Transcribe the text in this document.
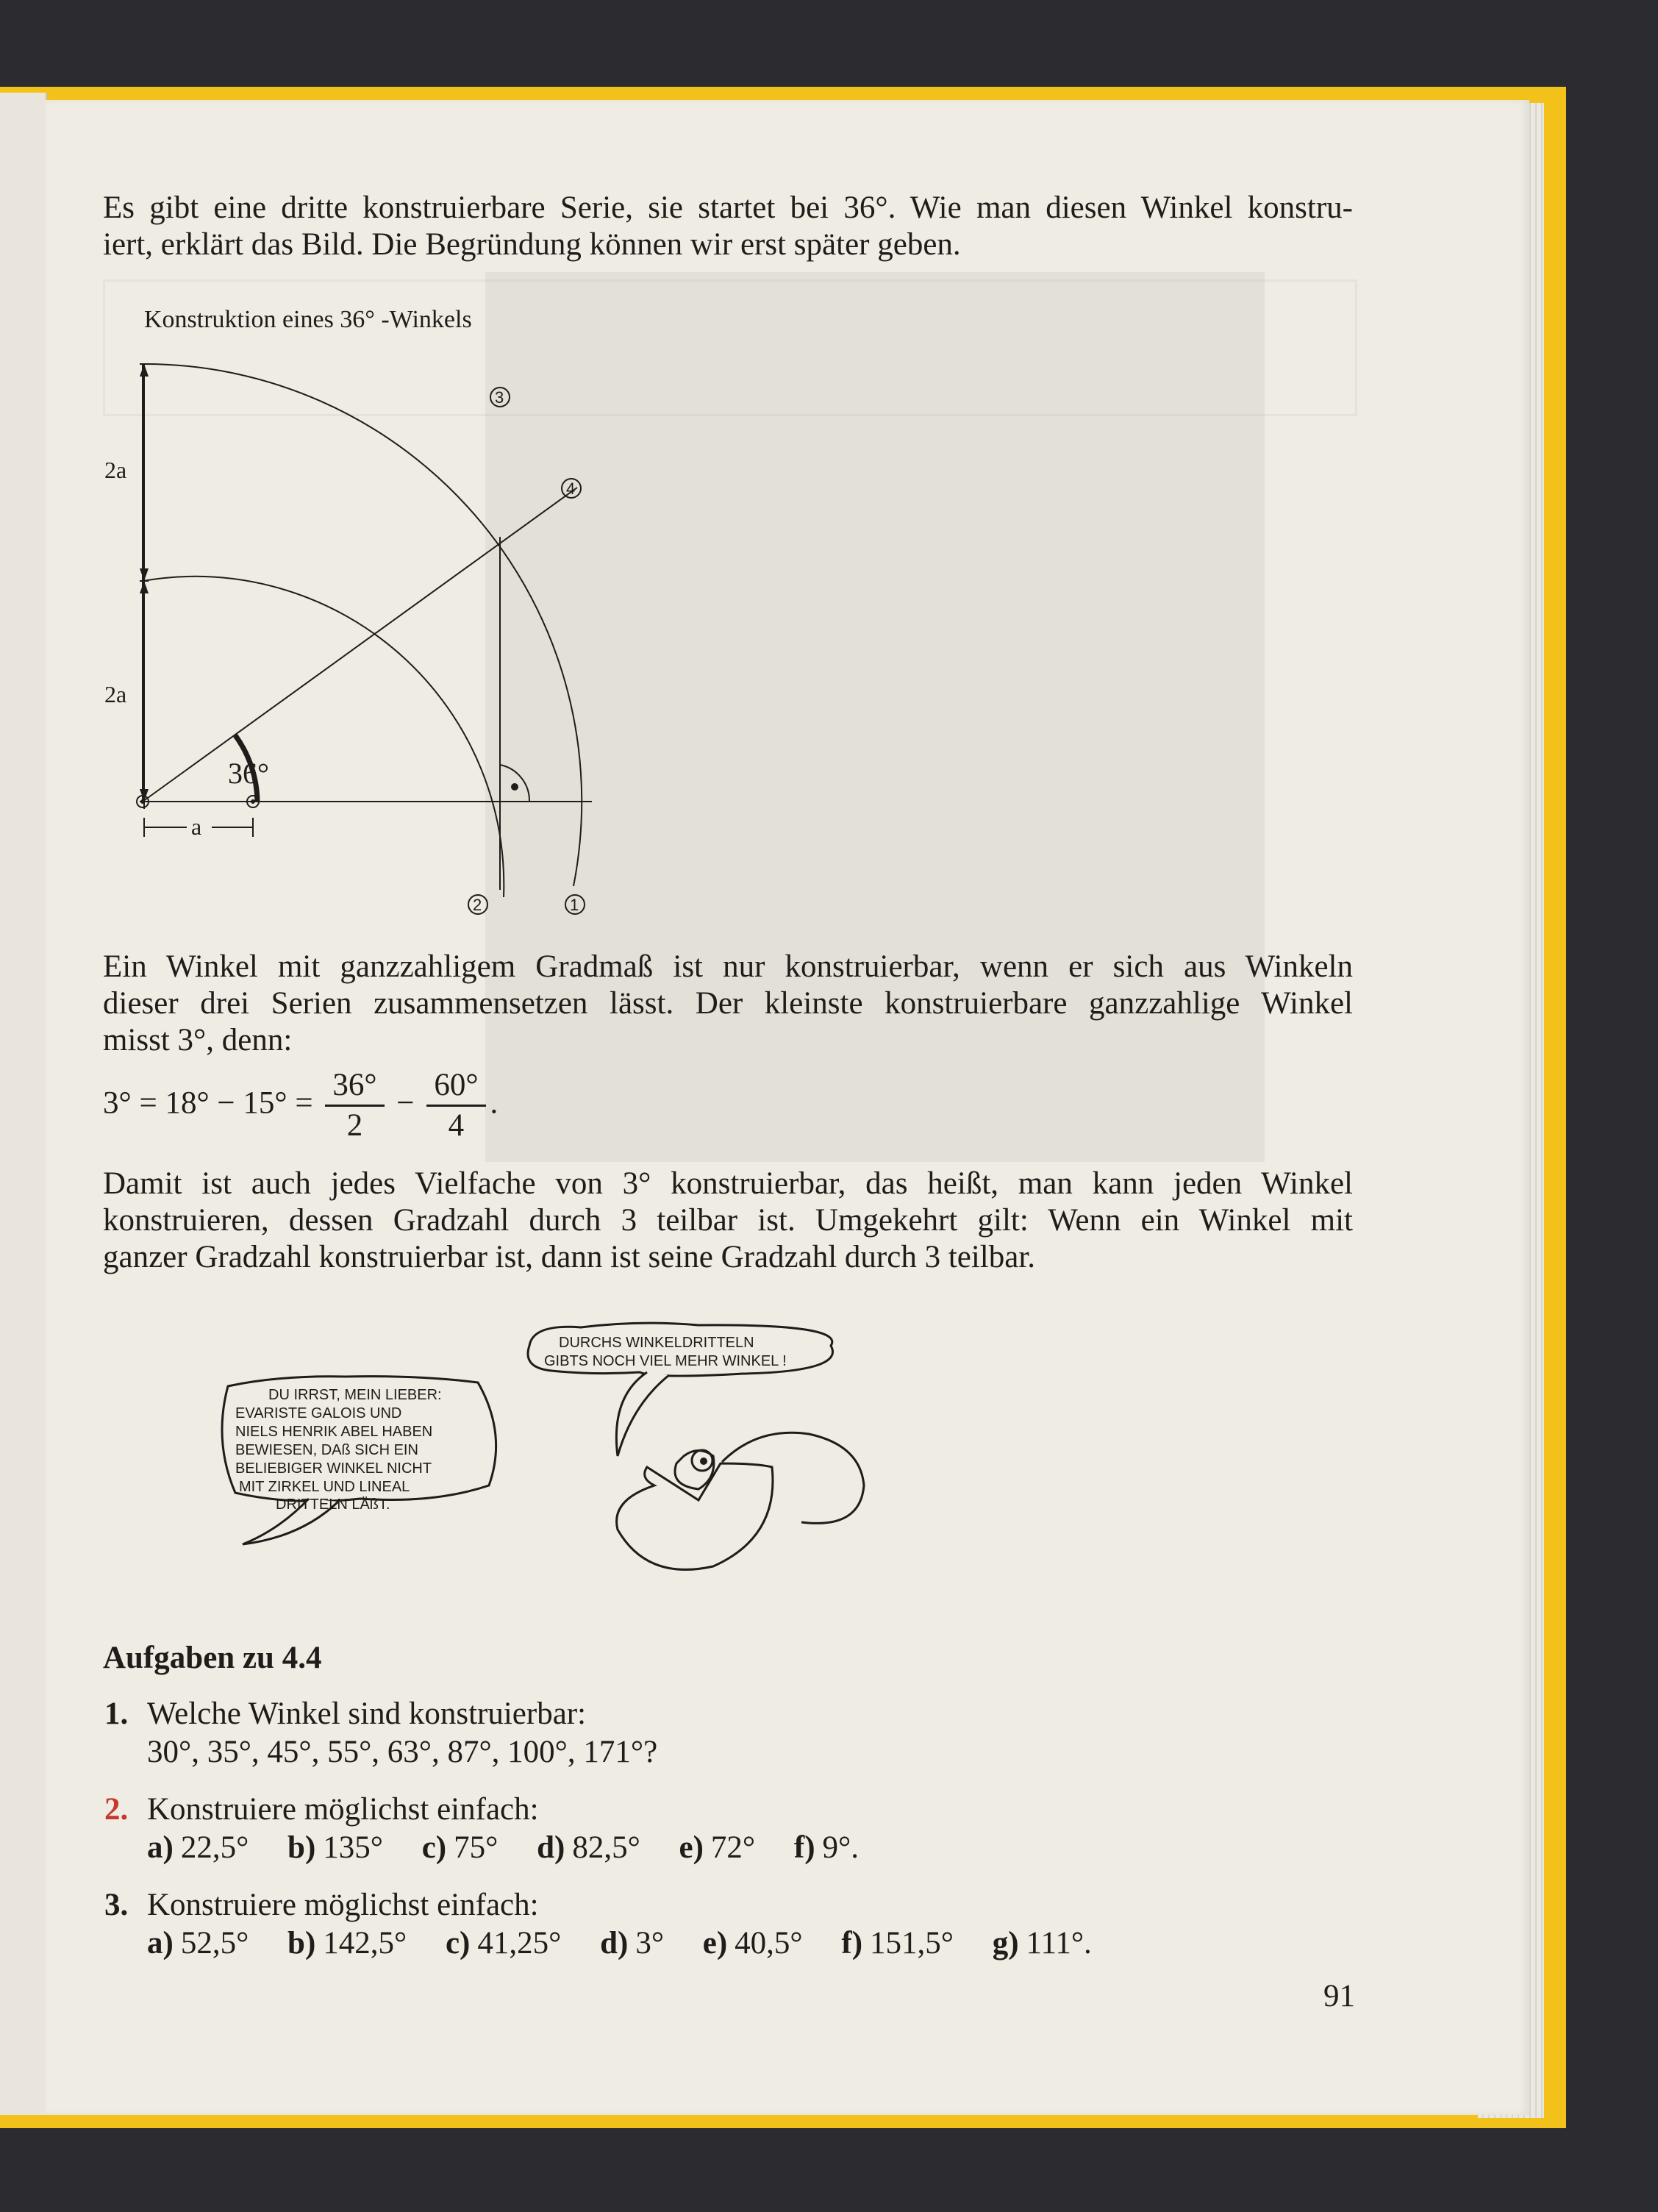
Es gibt eine dritte konstruierbare Serie, sie startet bei 36°. Wie man diesen Winkel konstru-
iert, erklärt das Bild. Die Begründung können wir erst später geben.
Konstruktion eines 36° -Winkels
2a
2a
36°
a
3
4
2	1
Ein Winkel mit ganzzahligem Gradmaß ist nur konstruierbar, wenn er sich aus Winkeln
dieser drei Serien zusammensetzen lässt. Der kleinste konstruierbare ganzzahlige Winkel
misst 3°, denn:
$3^\circ = 18^\circ - 15^\circ = \frac{36^\circ}{2} - \frac{60^\circ}{4}$ .
Damit ist auch jedes Vielfache von 3° konstruierbar, das heißt, man kann jeden Winkel
konstruieren, dessen Gradzahl durch 3 teilbar ist. Umgekehrt gilt: Wenn ein Winkel mit
ganzer Gradzahl konstruierbar ist, dann ist seine Gradzahl durch 3 teilbar.
DURCHS WINKELDRITTELN
GIBTS NOCH VIEL MEHR WINKEL !
DU IRRST, MEIN LIEBER:
EVARISTE GALOIS UND
NIELS HENRIK ABEL HABEN
BEWIESEN, DAß SICH EIN
BELIEBIGER WINKEL NICHT
MIT ZIRKEL UND LINEAL
DRITTELN LÄßT.
Aufgaben zu 4.4
1. Welche Winkel sind konstruierbar:
30°, 35°, 45°, 55°, 63°, 87°, 100°, 171°?
2. Konstruiere möglichst einfach:
a) 22,5° b) 135° c) 75° d) 82,5° e) 72° f) 9°.
3. Konstruiere möglichst einfach:
a) 52,5° b) 142,5° c) 41,25° d) 3° e) 40,5° f) 151,5° g) 111°.
91
